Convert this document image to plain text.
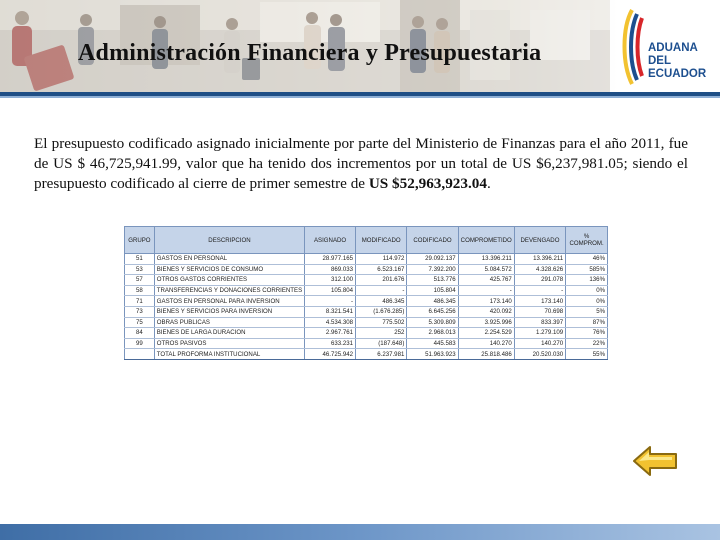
Administración Financiera y Presupuestaria	ADUANA
DEL
ECUADOR
El presupuesto codificado asignado inicialmente por parte del Ministerio de Finanzas para el año 2011, fue de US $ 46,725,941.99, valor que ha tenido dos incrementos por un total de US $6,237,981.05; siendo el presupuesto codificado al cierre de primer semestre de US $52,963,923.04.
GRUPO	DESCRIPCION	ASIGNADO	MODIFICADO	CODIFICADO	COMPROMETIDO	DEVENGADO	% COMPROM.
51	GASTOS EN PERSONAL	28.977.165	114.972	29.092.137	13.396.211	13.396.211	46%
53	BIENES Y SERVICIOS DE CONSUMO	869.033	6.523.167	7.392.200	5.084.572	4.328.626	585%
57	OTROS GASTOS CORRIENTES	312.100	201.676	513.776	425.767	291.078	136%
58	TRANSFERENCIAS Y DONACIONES CORRIENTES	105.804	-	105.804	-	-	0%
71	GASTOS EN PERSONAL PARA INVERSION	-	486.345	486.345	173.140	173.140	0%
73	BIENES Y SERVICIOS PARA INVERSION	8.321.541	(1.676.285)	6.645.256	420.092	70.698	5%
75	OBRAS PUBLICAS	4.534.308	775.502	5.309.809	3.925.996	833.397	87%
84	BIENES DE LARGA DURACION	2.967.761	252	2.968.013	2.254.529	1.279.109	76%
99	OTROS PASIVOS	633.231	(187.648)	445.583	140.270	140.270	22%
	TOTAL PROFORMA INSTITUCIONAL	46.725.942	6.237.981	51.963.923	25.818.486	20.520.030	55%
